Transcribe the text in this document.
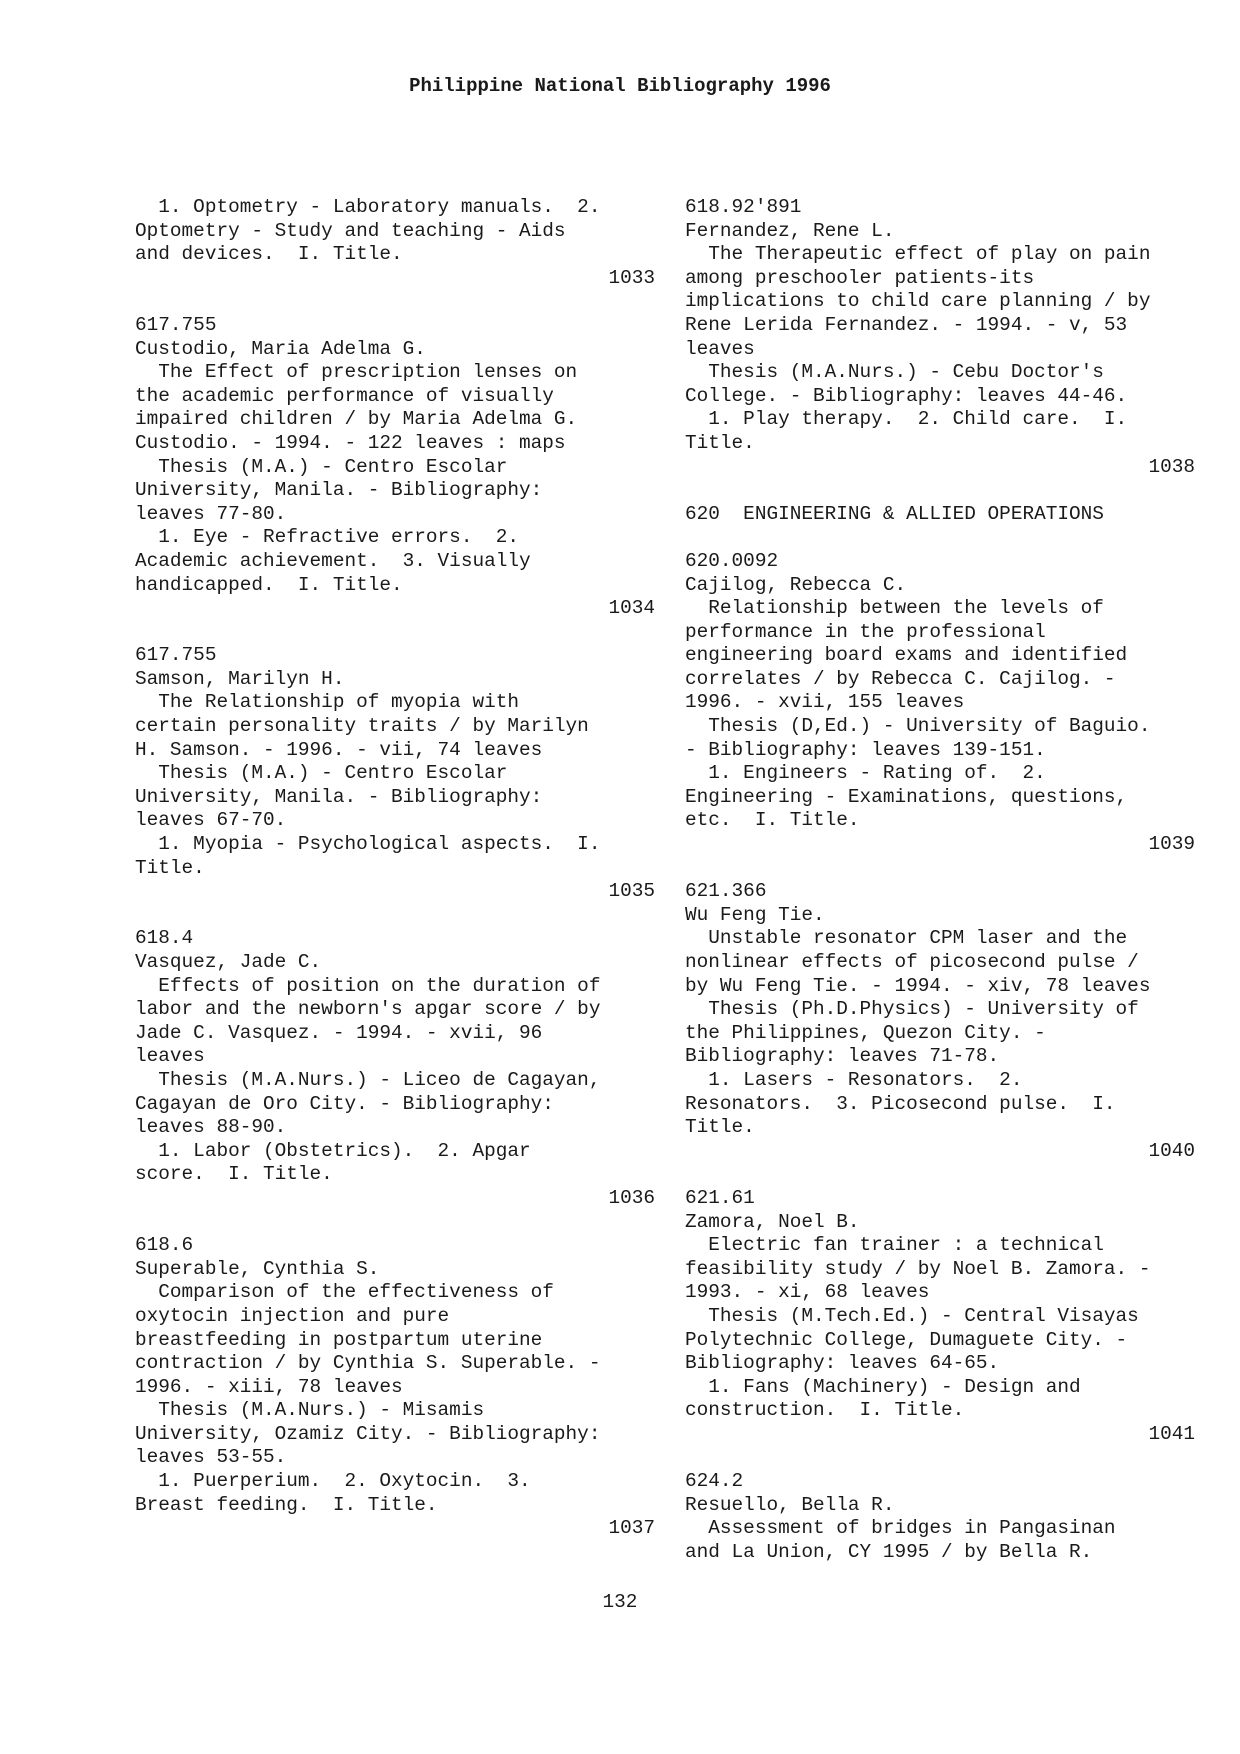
Philippine National Bibliography 1996
1. Optometry - Laboratory manuals.  2.
Optometry - Study and teaching - Aids
and devices.  I. Title.
1033
617.755
Custodio, Maria Adelma G.
The Effect of prescription lenses on
the academic performance of visually
impaired children / by Maria Adelma G.
Custodio. - 1994. - 122 leaves : maps
Thesis (M.A.) - Centro Escolar
University, Manila. - Bibliography:
leaves 77-80.
1. Eye - Refractive errors.  2.
Academic achievement.  3. Visually
handicapped.  I. Title.
1034
617.755
Samson, Marilyn H.
The Relationship of myopia with
certain personality traits / by Marilyn
H. Samson. - 1996. - vii, 74 leaves
Thesis (M.A.) - Centro Escolar
University, Manila. - Bibliography:
leaves 67-70.
1. Myopia - Psychological aspects.  I.
Title.
1035
618.4
Vasquez, Jade C.
Effects of position on the duration of
labor and the newborn's apgar score / by
Jade C. Vasquez. - 1994. - xvii, 96
leaves
Thesis (M.A.Nurs.) - Liceo de Cagayan,
Cagayan de Oro City. - Bibliography:
leaves 88-90.
1. Labor (Obstetrics).  2. Apgar
score.  I. Title.
1036
618.6
Superable, Cynthia S.
Comparison of the effectiveness of
oxytocin injection and pure
breastfeeding in postpartum uterine
contraction / by Cynthia S. Superable. -
1996. - xiii, 78 leaves
Thesis (M.A.Nurs.) - Misamis
University, Ozamiz City. - Bibliography:
leaves 53-55.
1. Puerperium.  2. Oxytocin.  3.
Breast feeding.  I. Title.
1037
618.92'891
Fernandez, Rene L.
The Therapeutic effect of play on pain
among preschooler patients-its
implications to child care planning / by
Rene Lerida Fernandez. - 1994. - v, 53
leaves
Thesis (M.A.Nurs.) - Cebu Doctor's
College. - Bibliography: leaves 44-46.
1. Play therapy.  2. Child care.  I.
Title.
1038
620  ENGINEERING & ALLIED OPERATIONS
620.0092
Cajilog, Rebecca C.
Relationship between the levels of
performance in the professional
engineering board exams and identified
correlates / by Rebecca C. Cajilog. -
1996. - xvii, 155 leaves
Thesis (D,Ed.) - University of Baguio.
- Bibliography: leaves 139-151.
1. Engineers - Rating of.  2.
Engineering - Examinations, questions,
etc.  I. Title.
1039
621.366
Wu Feng Tie.
Unstable resonator CPM laser and the
nonlinear effects of picosecond pulse /
by Wu Feng Tie. - 1994. - xiv, 78 leaves
Thesis (Ph.D.Physics) - University of
the Philippines, Quezon City. -
Bibliography: leaves 71-78.
1. Lasers - Resonators.  2.
Resonators.  3. Picosecond pulse.  I.
Title.
1040
621.61
Zamora, Noel B.
Electric fan trainer : a technical
feasibility study / by Noel B. Zamora. -
1993. - xi, 68 leaves
Thesis (M.Tech.Ed.) - Central Visayas
Polytechnic College, Dumaguete City. -
Bibliography: leaves 64-65.
1. Fans (Machinery) - Design and
construction.  I. Title.
1041
624.2
Resuello, Bella R.
Assessment of bridges in Pangasinan
and La Union, CY 1995 / by Bella R.
132
